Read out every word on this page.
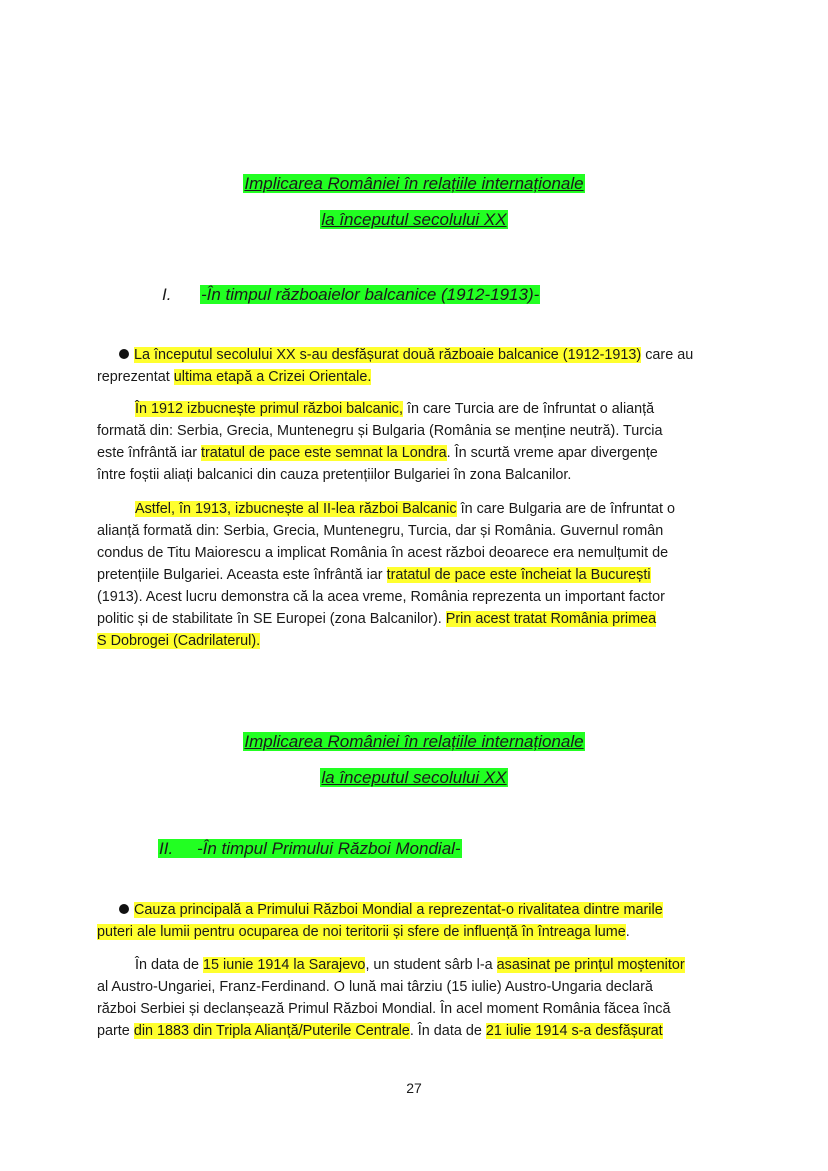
Implicarea României în relațiile internaționale
la începutul secolului XX
I. -În timpul războaielor balcanice (1912-1913)-
La începutul secolului XX s-au desfășurat două războaie balcanice (1912-1913) care au
reprezentat ultima etapă a Crizei Orientale.
În 1912 izbucnește primul război balcanic, în care Turcia are de înfruntat o alianță
formată din: Serbia, Grecia, Muntenegru și Bulgaria (România se menține neutră). Turcia
este înfrântă iar tratatul de pace este semnat la Londra. În scurtă vreme apar divergențe
între foștii aliați balcanici din cauza pretențiilor Bulgariei în zona Balcanilor.
Astfel, în 1913, izbucnește al II-lea război Balcanic în care Bulgaria are de înfruntat o
alianță formată din: Serbia, Grecia, Muntenegru, Turcia, dar și România. Guvernul român
condus de Titu Maiorescu a implicat România în acest război deoarece era nemulțumit de
pretențiile Bulgariei. Aceasta este înfrântă iar tratatul de pace este încheiat la București
(1913). Acest lucru demonstra că la acea vreme, România reprezenta un important factor
politic și de stabilitate în SE Europei (zona Balcanilor). Prin acest tratat România primea
S Dobrogei (Cadrilaterul).
Implicarea României în relațiile internaționale
la începutul secolului XX
II. -În timpul Primului Război Mondial-
Cauza principală a Primului Război Mondial a reprezentat-o rivalitatea dintre marile
puteri ale lumii pentru ocuparea de noi teritorii și sfere de influență în întreaga lume.
În data de 15 iunie 1914 la Sarajevo, un student sârb l-a asasinat pe prințul moștenitor
al Austro-Ungariei, Franz-Ferdinand. O lună mai târziu (15 iulie) Austro-Ungaria declară
război Serbiei și declanșează Primul Război Mondial. În acel moment România făcea încă
parte din 1883 din Tripla Alianță/Puterile Centrale. În data de 21 iulie 1914 s-a desfășurat
27
